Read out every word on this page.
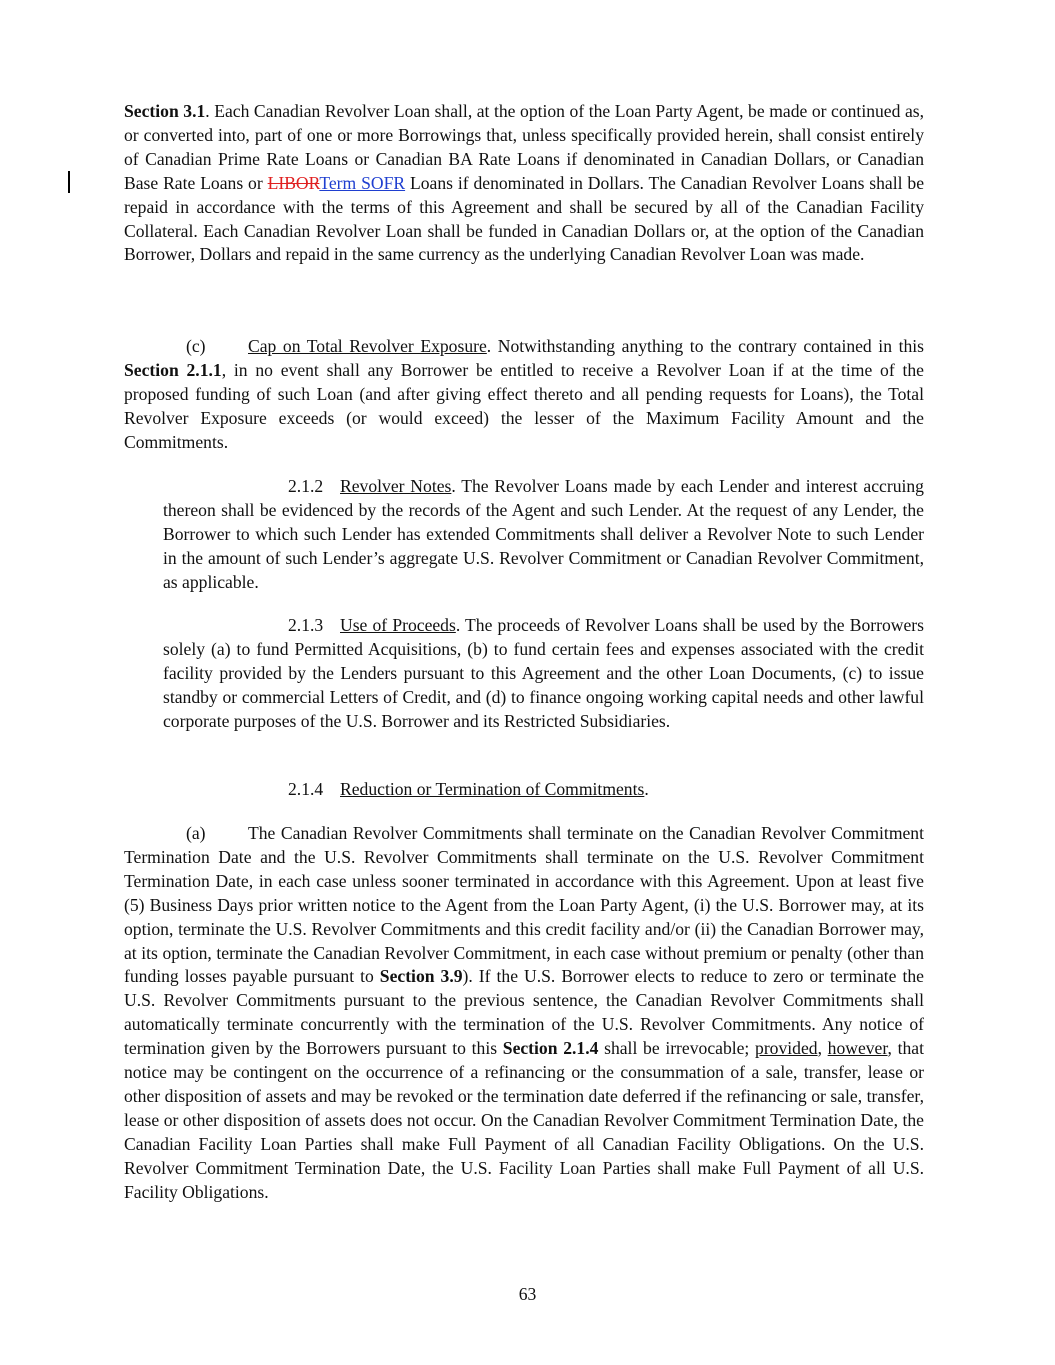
Section 3.1. Each Canadian Revolver Loan shall, at the option of the Loan Party Agent, be made or continued as, or converted into, part of one or more Borrowings that, unless specifically provided herein, shall consist entirely of Canadian Prime Rate Loans or Canadian BA Rate Loans if denominated in Canadian Dollars, or Canadian Base Rate Loans or LIBORTerm SOFR Loans if denominated in Dollars. The Canadian Revolver Loans shall be repaid in accordance with the terms of this Agreement and shall be secured by all of the Canadian Facility Collateral. Each Canadian Revolver Loan shall be funded in Canadian Dollars or, at the option of the Canadian Borrower, Dollars and repaid in the same currency as the underlying Canadian Revolver Loan was made.

(c) Cap on Total Revolver Exposure. Notwithstanding anything to the contrary contained in this Section 2.1.1, in no event shall any Borrower be entitled to receive a Revolver Loan if at the time of the proposed funding of such Loan (and after giving effect thereto and all pending requests for Loans), the Total Revolver Exposure exceeds (or would exceed) the lesser of the Maximum Facility Amount and the Commitments.

2.1.2 Revolver Notes. The Revolver Loans made by each Lender and interest accruing thereon shall be evidenced by the records of the Agent and such Lender. At the request of any Lender, the Borrower to which such Lender has extended Commitments shall deliver a Revolver Note to such Lender in the amount of such Lender’s aggregate U.S. Revolver Commitment or Canadian Revolver Commitment, as applicable.

2.1.3 Use of Proceeds. The proceeds of Revolver Loans shall be used by the Borrowers solely (a) to fund Permitted Acquisitions, (b) to fund certain fees and expenses associated with the credit facility provided by the Lenders pursuant to this Agreement and the other Loan Documents, (c) to issue standby or commercial Letters of Credit, and (d) to finance ongoing working capital needs and other lawful corporate purposes of the U.S. Borrower and its Restricted Subsidiaries.

2.1.4 Reduction or Termination of Commitments.

(a) The Canadian Revolver Commitments shall terminate on the Canadian Revolver Commitment Termination Date and the U.S. Revolver Commitments shall terminate on the U.S. Revolver Commitment Termination Date, in each case unless sooner terminated in accordance with this Agreement. Upon at least five (5) Business Days prior written notice to the Agent from the Loan Party Agent, (i) the U.S. Borrower may, at its option, terminate the U.S. Revolver Commitments and this credit facility and/or (ii) the Canadian Borrower may, at its option, terminate the Canadian Revolver Commitment, in each case without premium or penalty (other than funding losses payable pursuant to Section 3.9). If the U.S. Borrower elects to reduce to zero or terminate the U.S. Revolver Commitments pursuant to the previous sentence, the Canadian Revolver Commitments shall automatically terminate concurrently with the termination of the U.S. Revolver Commitments. Any notice of termination given by the Borrowers pursuant to this Section 2.1.4 shall be irrevocable; provided, however, that notice may be contingent on the occurrence of a refinancing or the consummation of a sale, transfer, lease or other disposition of assets and may be revoked or the termination date deferred if the refinancing or sale, transfer, lease or other disposition of assets does not occur. On the Canadian Revolver Commitment Termination Date, the Canadian Facility Loan Parties shall make Full Payment of all Canadian Facility Obligations. On the U.S. Revolver Commitment Termination Date, the U.S. Facility Loan Parties shall make Full Payment of all U.S. Facility Obligations.

63
